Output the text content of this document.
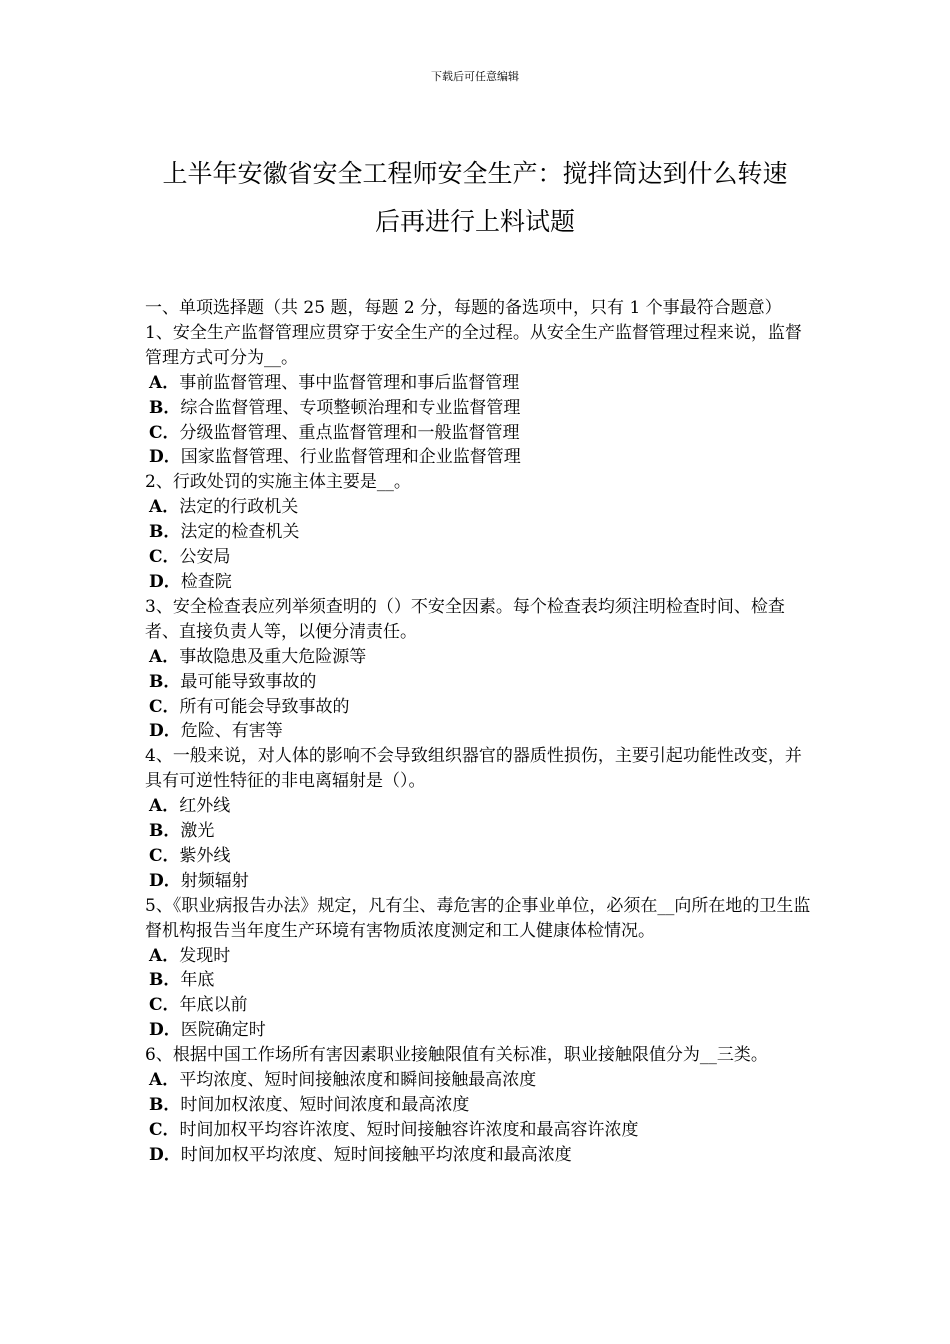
下载后可任意编辑
上半年安徽省安全工程师安全生产：搅拌筒达到什么转速
后再进行上料试题

一、单项选择题（共 25 题，每题 2 分，每题的备选项中，只有 1 个事最符合题意）

1、安全生产监督管理应贯穿于安全生产的全过程。从安全生产监督管理过程来说，监督管理方式可分为__。

A．事前监督管理、事中监督管理和事后监督管理

B．综合监督管理、专项整顿治理和专业监督管理

C．分级监督管理、重点监督管理和一般监督管理

D．国家监督管理、行业监督管理和企业监督管理

2、行政处罚的实施主体主要是__。

A．法定的行政机关

B．法定的检查机关

C．公安局

D．检查院

3、安全检查表应列举须查明的（）不安全因素。每个检查表均须注明检查时间、检查者、直接负责人等，以便分清责任。

A．事故隐患及重大危险源等

B．最可能导致事故的

C．所有可能会导致事故的

D．危险、有害等

4、一般来说，对人体的影响不会导致组织器官的器质性损伤，主要引起功能性改变，并具有可逆性特征的非电离辐射是（）。

A．红外线

B．激光

C．紫外线

D．射频辐射

5、《职业病报告办法》规定，凡有尘、毒危害的企事业单位，必须在__向所在地的卫生监督机构报告当年度生产环境有害物质浓度测定和工人健康体检情况。

A．发现时

B．年底

C．年底以前

D．医院确定时

6、根据中国工作场所有害因素职业接触限值有关标准，职业接触限值分为__三类。

A．平均浓度、短时间接触浓度和瞬间接触最高浓度

B．时间加权浓度、短时间浓度和最高浓度

C．时间加权平均容许浓度、短时间接触容许浓度和最高容许浓度

D．时间加权平均浓度、短时间接触平均浓度和最高浓度
